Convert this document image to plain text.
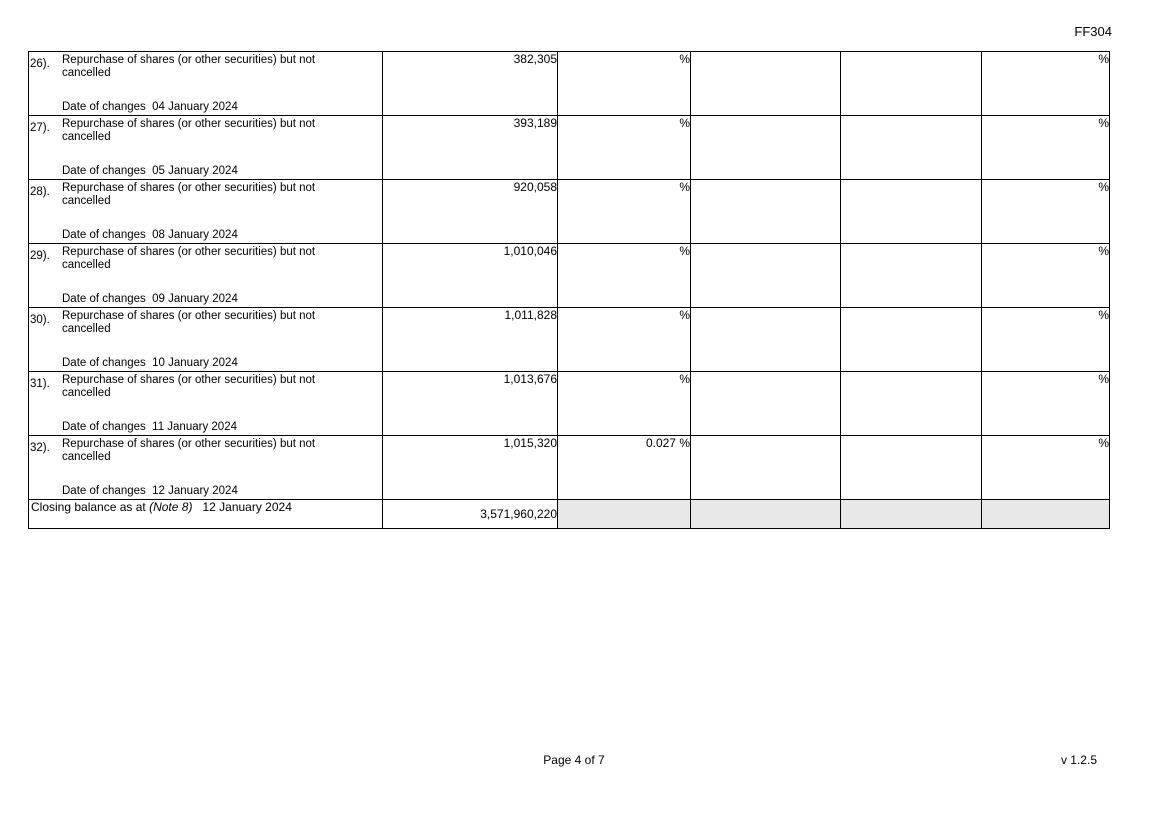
FF304
26). Repurchase of shares (or other securities) but not cancelled
Date of changes 04 January 2024	382,305	%			%

27). Repurchase of shares (or other securities) but not cancelled
Date of changes 05 January 2024	393,189	%			%

28). Repurchase of shares (or other securities) but not cancelled
Date of changes 08 January 2024	920,058	%			%

29). Repurchase of shares (or other securities) but not cancelled
Date of changes 09 January 2024	1,010,046	%			%

30). Repurchase of shares (or other securities) but not cancelled
Date of changes 10 January 2024	1,011,828	%			%

31). Repurchase of shares (or other securities) but not cancelled
Date of changes 11 January 2024	1,013,676	%			%

32). Repurchase of shares (or other securities) but not cancelled
Date of changes 12 January 2024	1,015,320	0.027 %			%
Closing balance as at (Note 8) 12 January 2024	3,571,960,220				
Page 4 of 7	v 1.2.5
